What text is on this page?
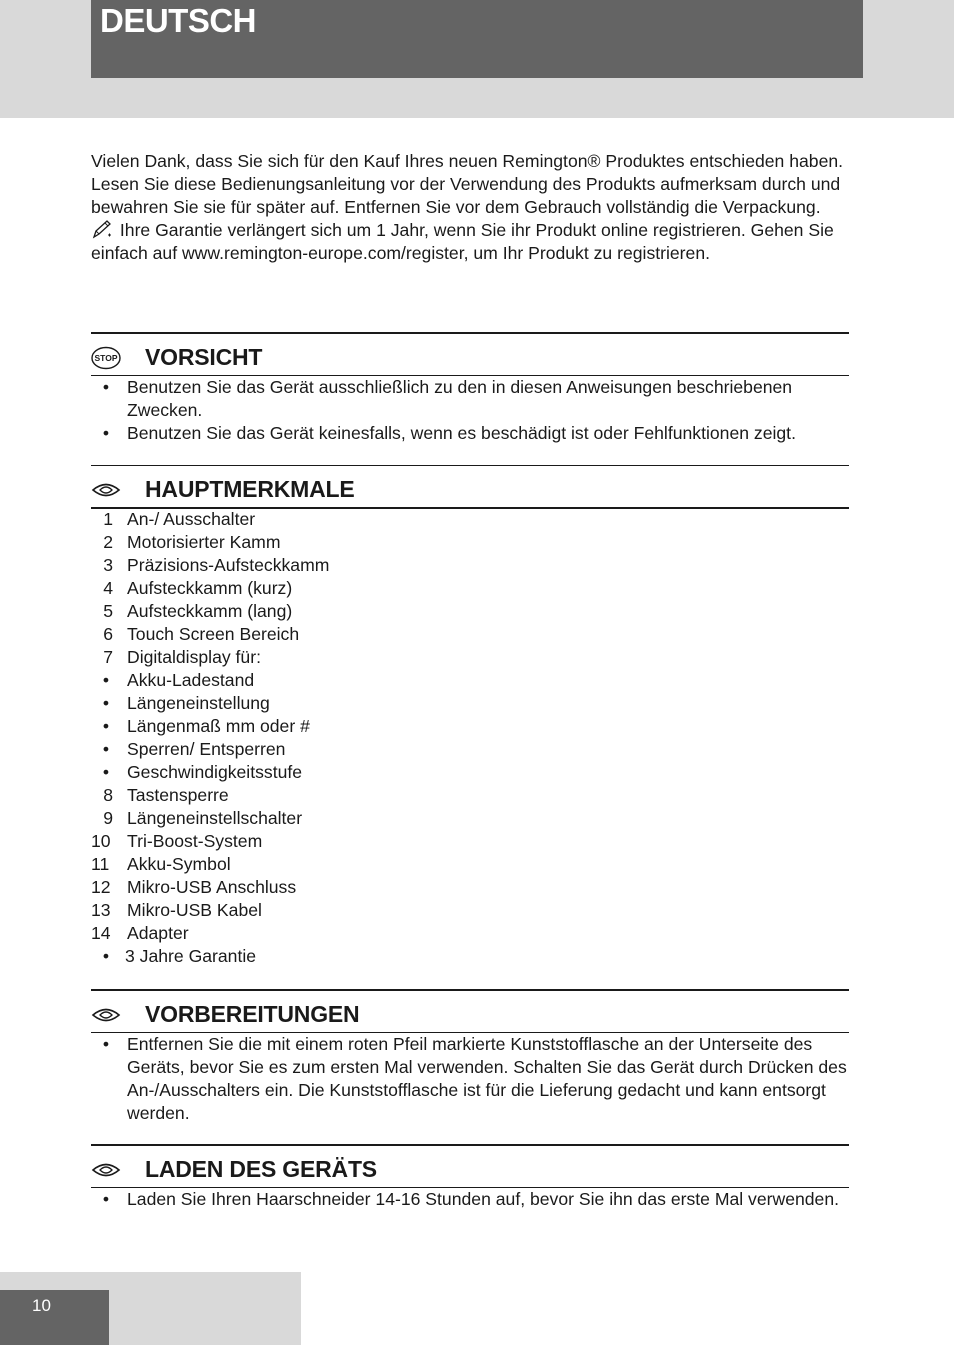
DEUTSCH

Vielen Dank, dass Sie sich für den Kauf Ihres neuen Remington® Produktes entschieden haben.

Lesen Sie diese Bedienungsanleitung vor der Verwendung des Produkts aufmerksam durch und bewahren Sie sie für später auf. Entfernen Sie vor dem Gebrauch vollständig die Verpackung.

Ihre Garantie verlängert sich um 1 Jahr, wenn Sie ihr Produkt online registrieren. Gehen Sie einfach auf www.remington-europe.com/register, um Ihr Produkt zu registrieren.

STOP VORSICHT
• Benutzen Sie das Gerät ausschließlich zu den in diesen Anweisungen beschriebenen Zwecken.
• Benutzen Sie das Gerät keinesfalls, wenn es beschädigt ist oder Fehlfunktionen zeigt.
HAUPTMERKMALE
1 An-/ Ausschalter
2 Motorisierter Kamm
3 Präzisions-Aufsteckkamm
4 Aufsteckkamm (kurz)
5 Aufsteckkamm (lang)
6 Touch Screen Bereich
7 Digitaldisplay für:
• Akku-Ladestand
• Längeneinstellung
• Längenmaß mm oder #
• Sperren/ Entsperren
• Geschwindigkeitsstufe
8 Tastensperre
9 Längeneinstellschalter
10 Tri-Boost-System
11	Akku-Symbol
12 Mikro-USB Anschluss
13 Mikro-USB Kabel
14 Adapter
• 3 Jahre Garantie
VORBEREITUNGEN
• Entfernen Sie die mit einem roten Pfeil markierte Kunststofflasche an der Unterseite des Geräts, bevor Sie es zum ersten Mal verwenden. Schalten Sie das Gerät durch Drücken des An-/Ausschalters ein. Die Kunststofflasche ist für die Lieferung gedacht und kann entsorgt werden.
LADEN DES GERÄTS
• Laden Sie Ihren Haarschneider 14-16 Stunden auf, bevor Sie ihn das erste Mal verwenden.
10
